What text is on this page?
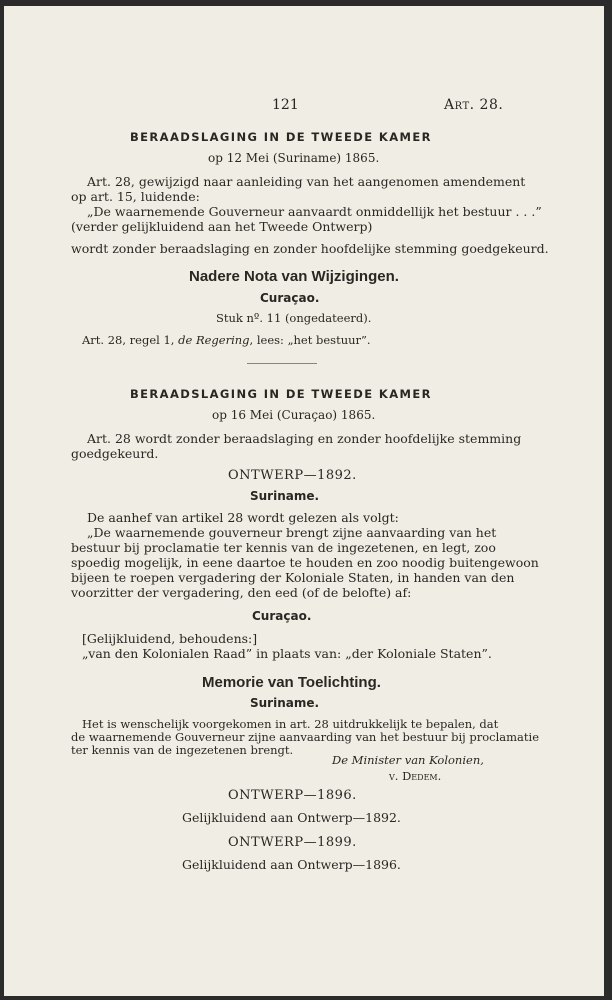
121	Art. 28.
BERAADSLAGING IN DE TWEEDE KAMER
op 12 Mei (Suriname) 1865.
Art. 28, gewijzigd naar aanleiding van het aangenomen amendement
op art. 15, luidende:
„De waarnemende Gouverneur aanvaardt onmiddellijk het bestuur . . .”
(verder gelijkluidend aan het Tweede Ontwerp)
wordt zonder beraadslaging en zonder hoofdelijke stemming goedgekeurd.
Nadere Nota van Wijzigingen.
Curaçao.
Stuk nº. 11 (ongedateerd).
Art. 28, regel 1, de Regering, lees: „het bestuur”.
BERAADSLAGING IN DE TWEEDE KAMER
op 16 Mei (Curaçao) 1865.
Art. 28 wordt zonder beraadslaging en zonder hoofdelijke stemming
goedgekeurd.
ONTWERP—1892.
Suriname.
De aanhef van artikel 28 wordt gelezen als volgt:
„De waarnemende gouverneur brengt zijne aanvaarding van het
bestuur bij proclamatie ter kennis van de ingezetenen, en legt, zoo
spoedig mogelijk, in eene daartoe te houden en zoo noodig buitengewoon
bijeen te roepen vergadering der Koloniale Staten, in handen van den
voorzitter der vergadering, den eed (of de belofte) af:
Curaçao.
[Gelijkluidend, behoudens:]
„van den Kolonialen Raad” in plaats van: „der Koloniale Staten”.
Memorie van Toelichting.
Suriname.
Het is wenschelijk voorgekomen in art. 28 uitdrukkelijk te bepalen, dat
de waarnemende Gouverneur zijne aanvaarding van het bestuur bij proclamatie
ter kennis van de ingezetenen brengt.
De Minister van Kolonien,
v. Dedem.
ONTWERP—1896.
Gelijkluidend aan Ontwerp—1892.
ONTWERP—1899.
Gelijkluidend aan Ontwerp—1896.
